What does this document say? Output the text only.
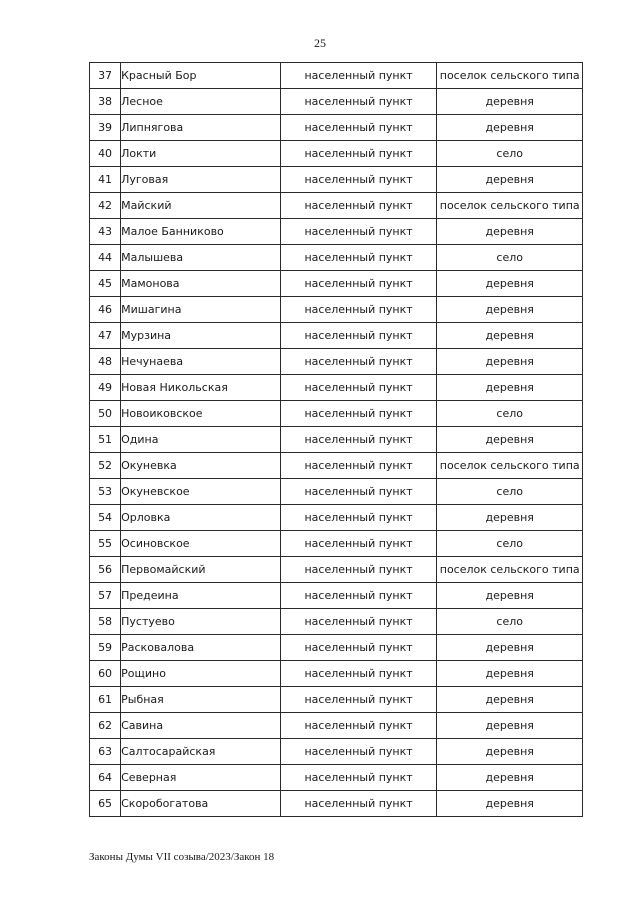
25
37	Красный Бор	населенный пункт	поселок сельского типа
38	Лесное	населенный пункт	деревня
39	Липнягова	населенный пункт	деревня
40	Локти	населенный пункт	село
41	Луговая	населенный пункт	деревня
42	Майский	населенный пункт	поселок сельского типа
43	Малое Банниково	населенный пункт	деревня
44	Малышева	населенный пункт	село
45	Мамонова	населенный пункт	деревня
46	Мишагина	населенный пункт	деревня
47	Мурзина	населенный пункт	деревня
48	Нечунаева	населенный пункт	деревня
49	Новая Никольская	населенный пункт	деревня
50	Новоиковское	населенный пункт	село
51	Одина	населенный пункт	деревня
52	Окуневка	населенный пункт	поселок сельского типа
53	Окуневское	населенный пункт	село
54	Орловка	населенный пункт	деревня
55	Осиновское	населенный пункт	село
56	Первомайский	населенный пункт	поселок сельского типа
57	Предеина	населенный пункт	деревня
58	Пустуево	населенный пункт	село
59	Расковалова	населенный пункт	деревня
60	Рощино	населенный пункт	деревня
61	Рыбная	населенный пункт	деревня
62	Савина	населенный пункт	деревня
63	Салтосарайская	населенный пункт	деревня
64	Северная	населенный пункт	деревня
65	Скоробогатова	населенный пункт	деревня
Законы Думы VII созыва/2023/Закон 18
